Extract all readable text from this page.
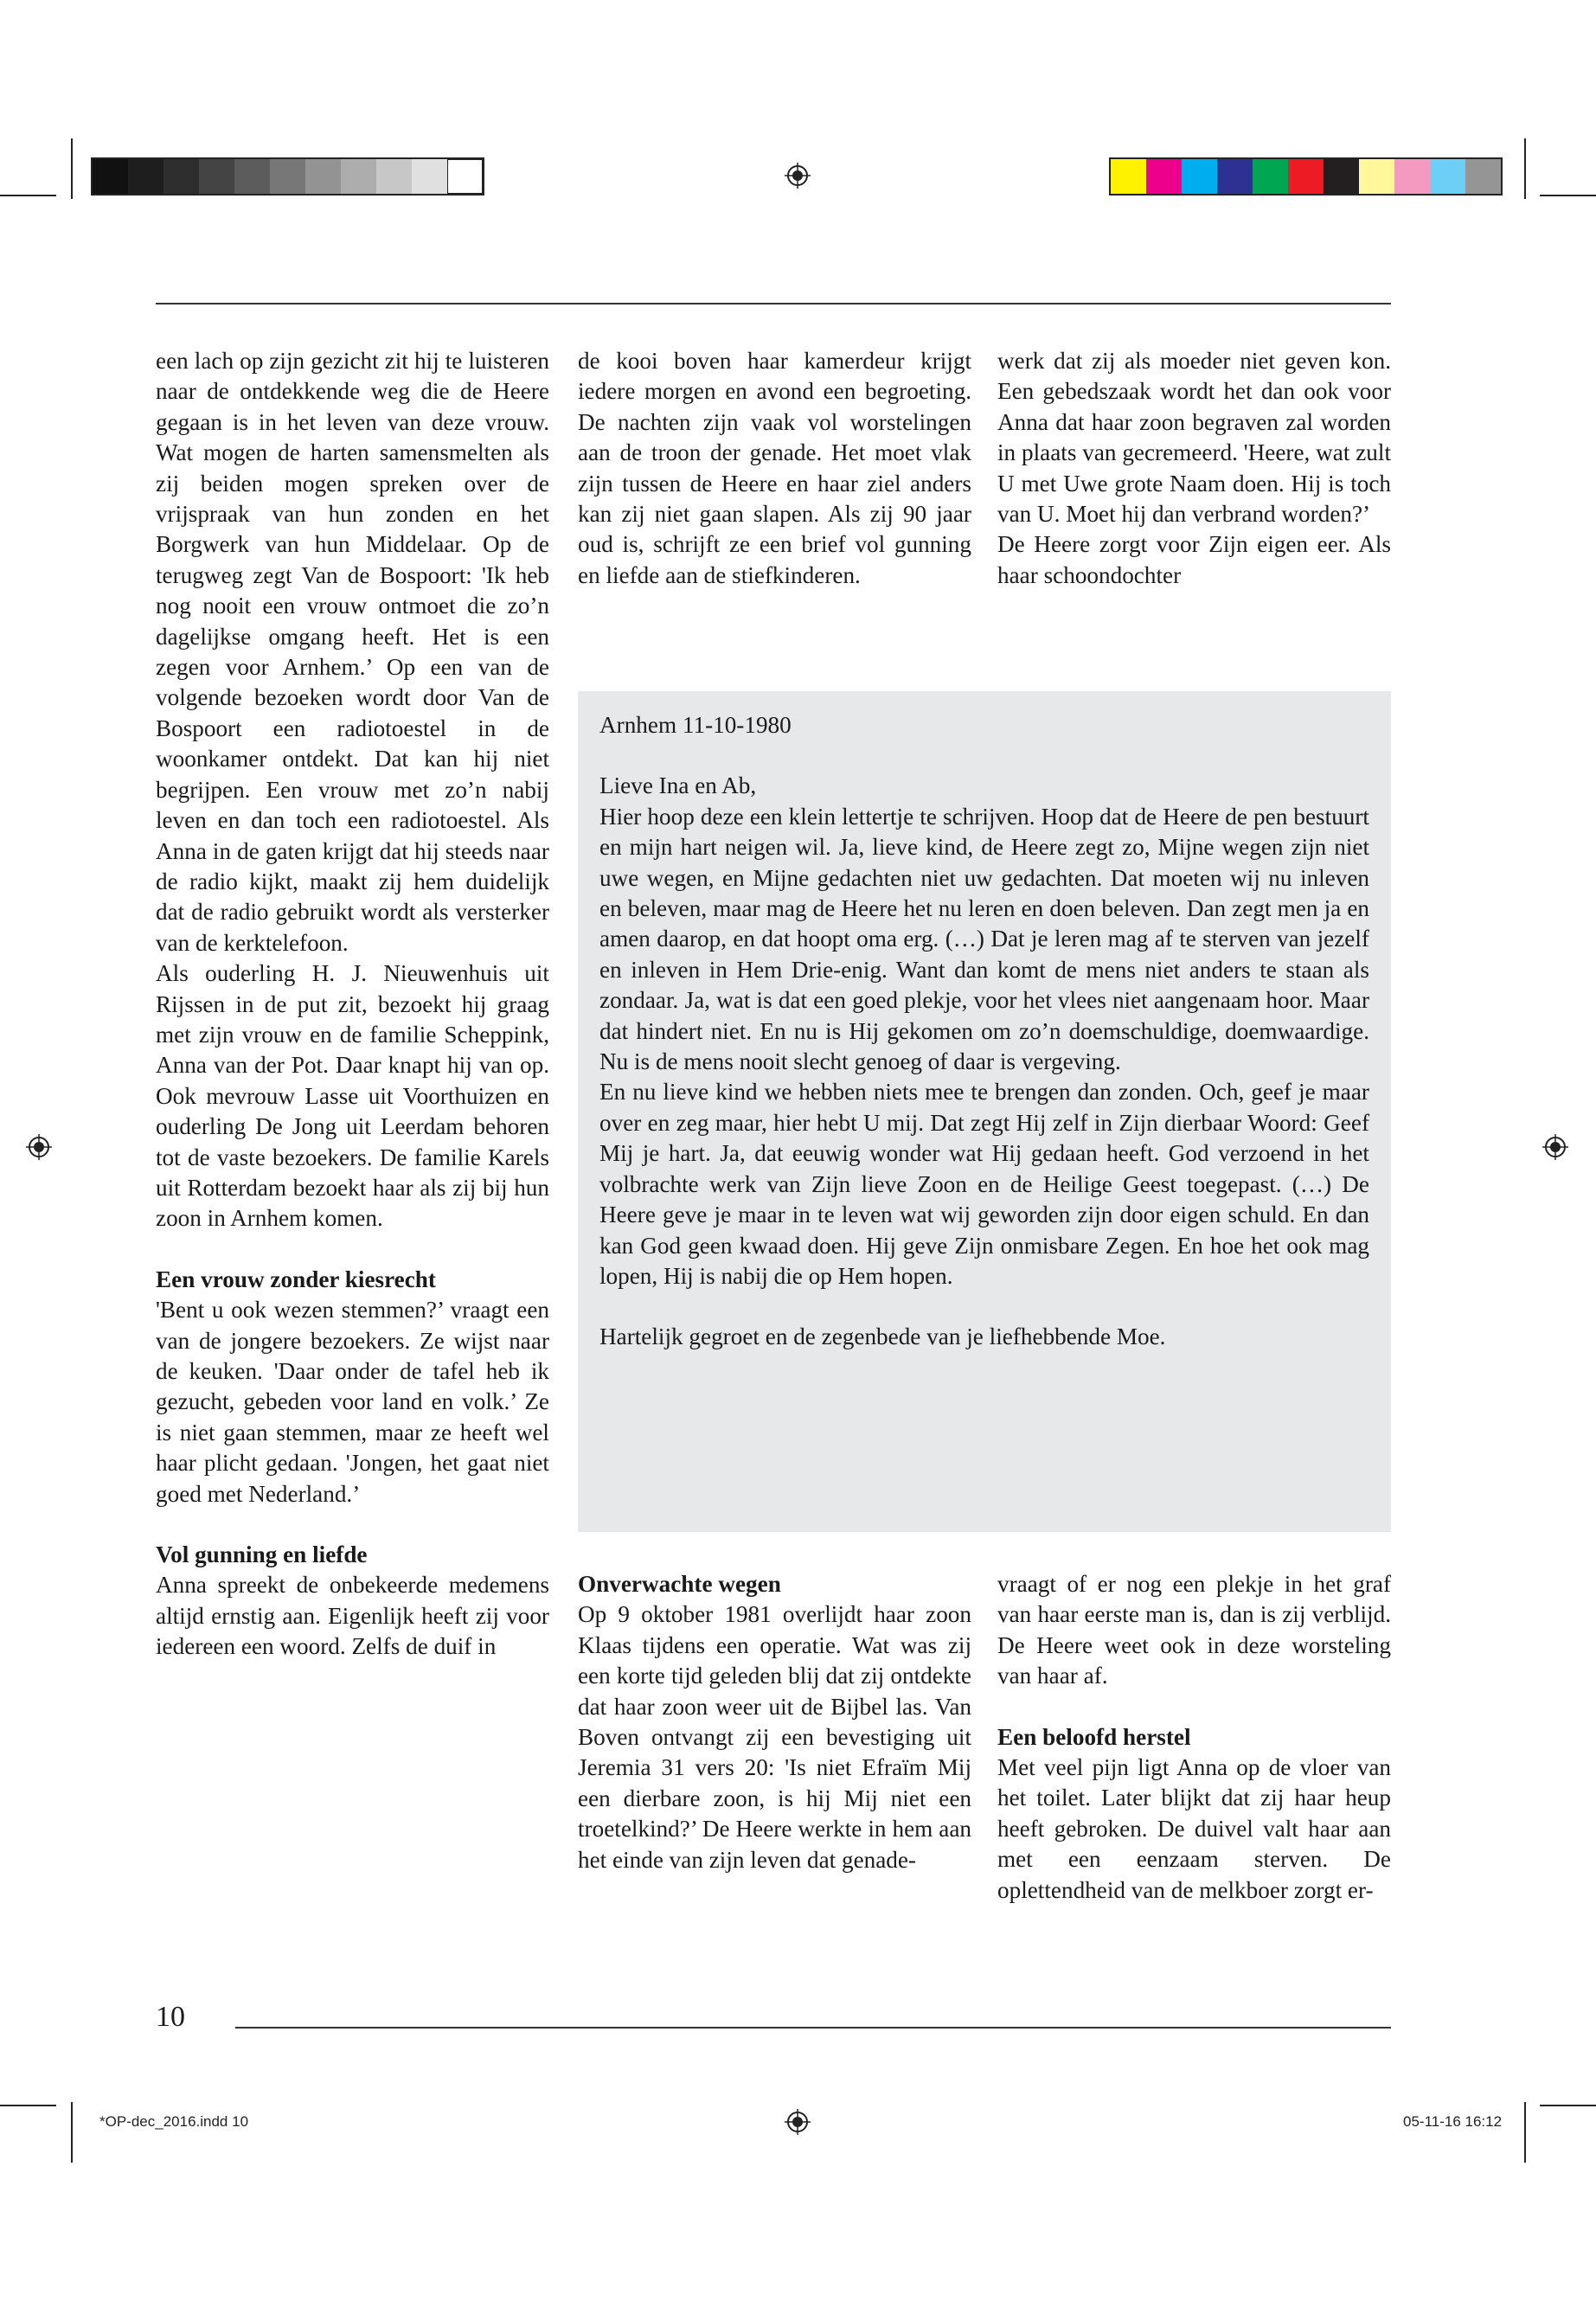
een lach op zijn gezicht zit hij te luisteren naar de ontdekkende weg die de Heere gegaan is in het leven van deze vrouw. Wat mogen de harten samensmelten als zij beiden mogen spreken over de vrijspraak van hun zonden en het Borgwerk van hun Middelaar. Op de terugweg zegt Van de Bospoort: 'Ik heb nog nooit een vrouw ontmoet die zo’n dagelijkse omgang heeft. Het is een zegen voor Arnhem.’ Op een van de volgende bezoeken wordt door Van de Bospoort een radiotoestel in de woonkamer ontdekt. Dat kan hij niet begrijpen. Een vrouw met zo’n nabij leven en dan toch een radiotoestel. Als Anna in de gaten krijgt dat hij steeds naar de radio kijkt, maakt zij hem duidelijk dat de radio gebruikt wordt als versterker van de kerktelefoon.

Als ouderling H. J. Nieuwenhuis uit Rijssen in de put zit, bezoekt hij graag met zijn vrouw en de familie Scheppink, Anna van der Pot. Daar knapt hij van op. Ook mevrouw Lasse uit Voorthuizen en ouderling De Jong uit Leerdam behoren tot de vaste bezoekers. De familie Karels uit Rotterdam bezoekt haar als zij bij hun zoon in Arnhem komen.

Een vrouw zonder kiesrecht

'Bent u ook wezen stemmen?’ vraagt een van de jongere bezoekers. Ze wijst naar de keuken. 'Daar onder de tafel heb ik gezucht, gebeden voor land en volk.’ Ze is niet gaan stemmen, maar ze heeft wel haar plicht gedaan. 'Jongen, het gaat niet goed met Nederland.’

Vol gunning en liefde

Anna spreekt de onbekeerde medemens altijd ernstig aan. Eigenlijk heeft zij voor iedereen een woord. Zelfs de duif in

de kooi boven haar kamerdeur krijgt iedere morgen en avond een begroeting. De nachten zijn vaak vol worstelingen aan de troon der genade. Het moet vlak zijn tussen de Heere en haar ziel anders kan zij niet gaan slapen. Als zij 90 jaar oud is, schrijft ze een brief vol gunning en liefde aan de stiefkinderen.

werk dat zij als moeder niet geven kon. Een gebedszaak wordt het dan ook voor Anna dat haar zoon begraven zal worden in plaats van gecremeerd. 'Heere, wat zult U met Uwe grote Naam doen. Hij is toch van U. Moet hij dan verbrand worden?’

De Heere zorgt voor Zijn eigen eer. Als haar schoondochter

Arnhem 11-10-1980

Lieve Ina en Ab,

Hier hoop deze een klein lettertje te schrijven. Hoop dat de Heere de pen bestuurt en mijn hart neigen wil. Ja, lieve kind, de Heere zegt zo, Mijne wegen zijn niet uwe wegen, en Mijne gedachten niet uw gedachten. Dat moeten wij nu inleven en beleven, maar mag de Heere het nu leren en doen beleven. Dan zegt men ja en amen daarop, en dat hoopt oma erg. (…) Dat je leren mag af te sterven van jezelf en inleven in Hem Drie-enig. Want dan komt de mens niet anders te staan als zondaar. Ja, wat is dat een goed plekje, voor het vlees niet aangenaam hoor. Maar dat hindert niet. En nu is Hij gekomen om zo’n doemschuldige, doemwaardige. Nu is de mens nooit slecht genoeg of daar is vergeving.

En nu lieve kind we hebben niets mee te brengen dan zonden. Och, geef je maar over en zeg maar, hier hebt U mij. Dat zegt Hij zelf in Zijn dierbaar Woord: Geef Mij je hart. Ja, dat eeuwig wonder wat Hij gedaan heeft. God verzoend in het volbrachte werk van Zijn lieve Zoon en de Heilige Geest toegepast. (…) De Heere geve je maar in te leven wat wij geworden zijn door eigen schuld. En dan kan God geen kwaad doen. Hij geve Zijn onmisbare Zegen. En hoe het ook mag lopen, Hij is nabij die op Hem hopen.

Hartelijk gegroet en de zegenbede van je liefhebbende Moe.

Onverwachte wegen

Op 9 oktober 1981 overlijdt haar zoon Klaas tijdens een operatie. Wat was zij een korte tijd geleden blij dat zij ontdekte dat haar zoon weer uit de Bijbel las. Van Boven ontvangt zij een bevestiging uit Jeremia 31 vers 20: 'Is niet Efraïm Mij een dierbare zoon, is hij Mij niet een troetelkind?’ De Heere werkte in hem aan het einde van zijn leven dat genade-

vraagt of er nog een plekje in het graf van haar eerste man is, dan is zij verblijd. De Heere weet ook in deze worsteling van haar af.

Een beloofd herstel

Met veel pijn ligt Anna op de vloer van het toilet. Later blijkt dat zij haar heup heeft gebroken. De duivel valt haar aan met een eenzaam sterven. De oplettendheid van de melkboer zorgt er-

10
*OP-dec_2016.indd 10	05-11-16 16:12
